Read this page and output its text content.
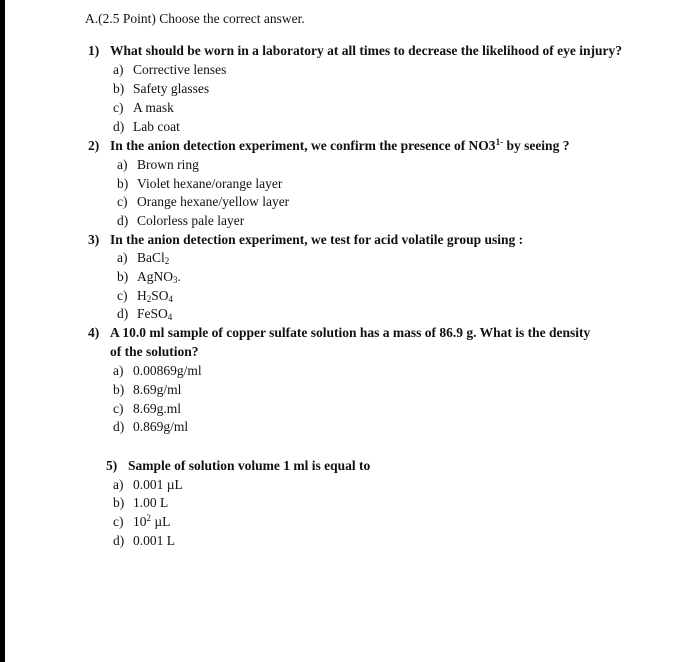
A.(2.5 Point) Choose the correct answer.
1) What should be worn in a laboratory at all times to decrease the likelihood of eye injury?
a) Corrective lenses
b) Safety glasses
c) A mask
d) Lab coat
2) In the anion detection experiment, we confirm the presence of $NO3^{1-}$ by seeing ?
a) Brown ring
b) Violet hexane/orange layer
c) Orange hexane/yellow layer
d) Colorless pale layer
3) In the anion detection experiment, we test for acid volatile group using :
a) BaCl$_2$
b) AgNO$_3$.
c) $H_2SO_4$
d) FeSO$_4$
4) A 10.0 ml sample of copper sulfate solution has a mass of 86.9 g. What is the density
of the solution?
a) 0.00869g/ml
b) 8.69g/ml
c) 8.69g.ml
d) 0.869g/ml
5) Sample of solution volume 1 ml is equal to
a) 0.001 µL
b) 1.00 L
c) $10^2$ µL
d) 0.001 L
